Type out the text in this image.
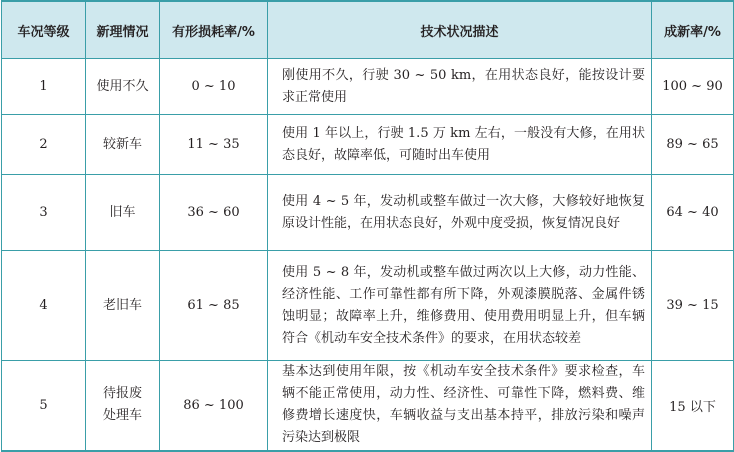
车况等级	新理情况	有形损耗率/%	技术状况描述	成新率/%
1	使用不久	0 ~ 10	刚使用不久，行驶 30 ~ 50 km，在用状态良好，能按设计要求正常使用	100 ~ 90
2	较新车	11 ~ 35	使用 1 年以上，行驶 1.5 万 km 左右，一般没有大修，在用状态良好，故障率低，可随时出车使用	89 ~ 65
3	旧车	36 ~ 60	使用 4 ~ 5 年，发动机或整车做过一次大修，大修较好地恢复原设计性能，在用状态良好，外观中度受损，恢复情况良好	64 ~ 40
4	老旧车	61 ~ 85	使用 5 ~ 8 年，发动机或整车做过两次以上大修，动力性能、经济性能、工作可靠性都有所下降，外观漆膜脱落、金属件锈蚀明显；故障率上升，维修费用、使用费用明显上升，但车辆符合《机动车安全技术条件》的要求，在用状态较差	39 ~ 15
5	待报废处理车	86 ~ 100	基本达到使用年限，按《机动车安全技术条件》要求检查，车辆不能正常使用，动力性、经济性、可靠性下降，燃料费、维修费增长速度快，车辆收益与支出基本持平，排放污染和噪声污染达到极限	15 以下
